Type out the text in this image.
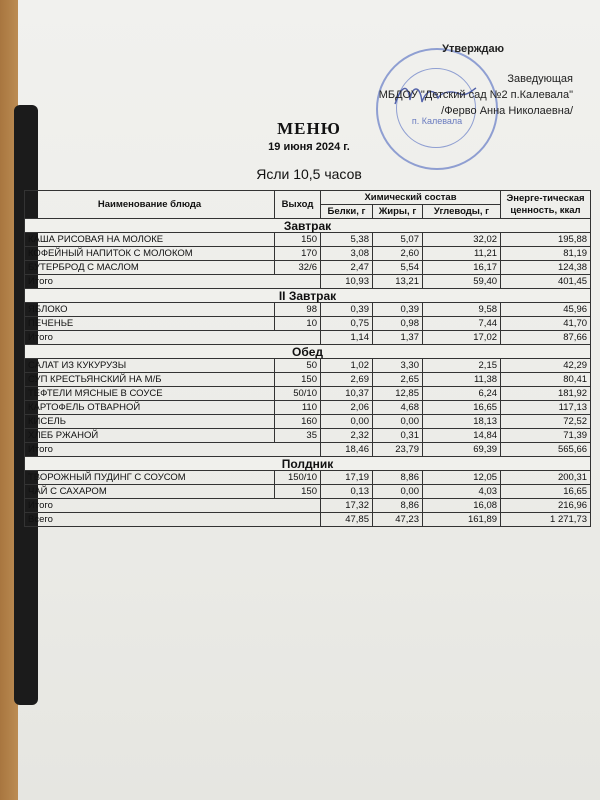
п. Калевала
Утверждаю
Заведующая
МБДОУ "Детский сад №2 п.Калевала"
/Ферво Анна Николаевна/
МЕНЮ
19 июня 2024 г.
Ясли 10,5 часов
Наименование блюда	Выход	Химический состав			Энерге-тическая ценность, ккал
		Белки, г	Жиры, г	Углеводы, г	
Завтрак					
КАША РИСОВАЯ НА МОЛОКЕ	150	5,38	5,07	32,02	195,88
КОФЕЙНЫЙ НАПИТОК С МОЛОКОМ	170	3,08	2,60	11,21	81,19
БУТЕРБРОД С МАСЛОМ	32/6	2,47	5,54	16,17	124,38
Итого		10,93	13,21	59,40	401,45
II Завтрак					
ЯБЛОКО	98	0,39	0,39	9,58	45,96
ПЕЧЕНЬЕ	10	0,75	0,98	7,44	41,70
Итого		1,14	1,37	17,02	87,66
Обед					
САЛАТ ИЗ КУКУРУЗЫ	50	1,02	3,30	2,15	42,29
СУП КРЕСТЬЯНСКИЙ НА М/Б	150	2,69	2,65	11,38	80,41
ТЕФТЕЛИ МЯСНЫЕ В СОУСЕ	50/10	10,37	12,85	6,24	181,92
КАРТОФЕЛЬ ОТВАРНОЙ	110	2,06	4,68	16,65	117,13
КИСЕЛЬ	160	0,00	0,00	18,13	72,52
ХЛЕБ РЖАНОЙ	35	2,32	0,31	14,84	71,39
Итого		18,46	23,79	69,39	565,66
Полдник					
ТВОРОЖНЫЙ ПУДИНГ С СОУСОМ	150/10	17,19	8,86	12,05	200,31
ЧАЙ С САХАРОМ	150	0,13	0,00	4,03	16,65
Итого		17,32	8,86	16,08	216,96
Всего		47,85	47,23	161,89	1 271,73
